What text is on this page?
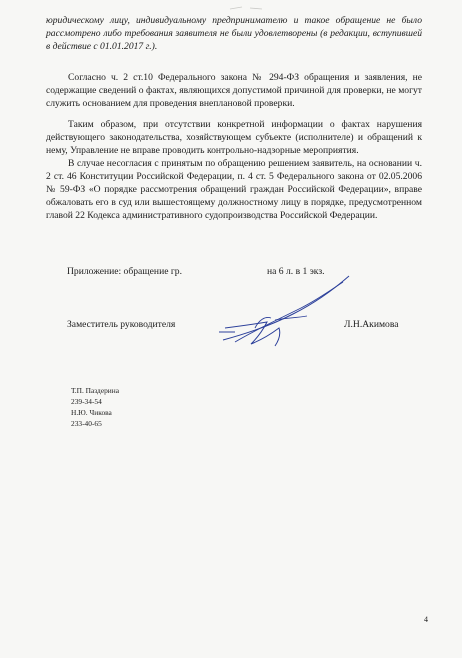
юридическому лицу, индивидуальному предпринимателю и такое обращение не было рассмотрено либо требования заявителя не были удовлетворены (в редакции, вступившей в действие с 01.01.2017 г.).

Согласно ч. 2 ст.10 Федерального закона № 294-ФЗ обращения и заявления, не содержащие сведений о фактах, являющихся допустимой причиной для проверки, не могут служить основанием для проведения внеплановой проверки.

Таким образом, при отсутствии конкретной информации о фактах нарушения действующего законодательства, хозяйствующем субъекте (исполнителе) и обращений к нему, Управление не вправе проводить контрольно-надзорные мероприятия.

В случае несогласия с принятым по обращению решением заявитель, на основании ч. 2 ст. 46 Конституции Российской Федерации, п. 4 ст. 5 Федерального закона от 02.05.2006 № 59-ФЗ «О порядке рассмотрения обращений граждан Российской Федерации», вправе обжаловать его в суд или вышестоящему должностному лицу в порядке, предусмотренном главой 22 Кодекса административного судопроизводства Российской Федерации.

Приложение: обращение гр.	на 6 л. в 1 экз.
Заместитель руководителя	Л.Н.Акимова
Т.П. Паздерина
239-34-54
Н.Ю. Чикова
233-40-65
4
